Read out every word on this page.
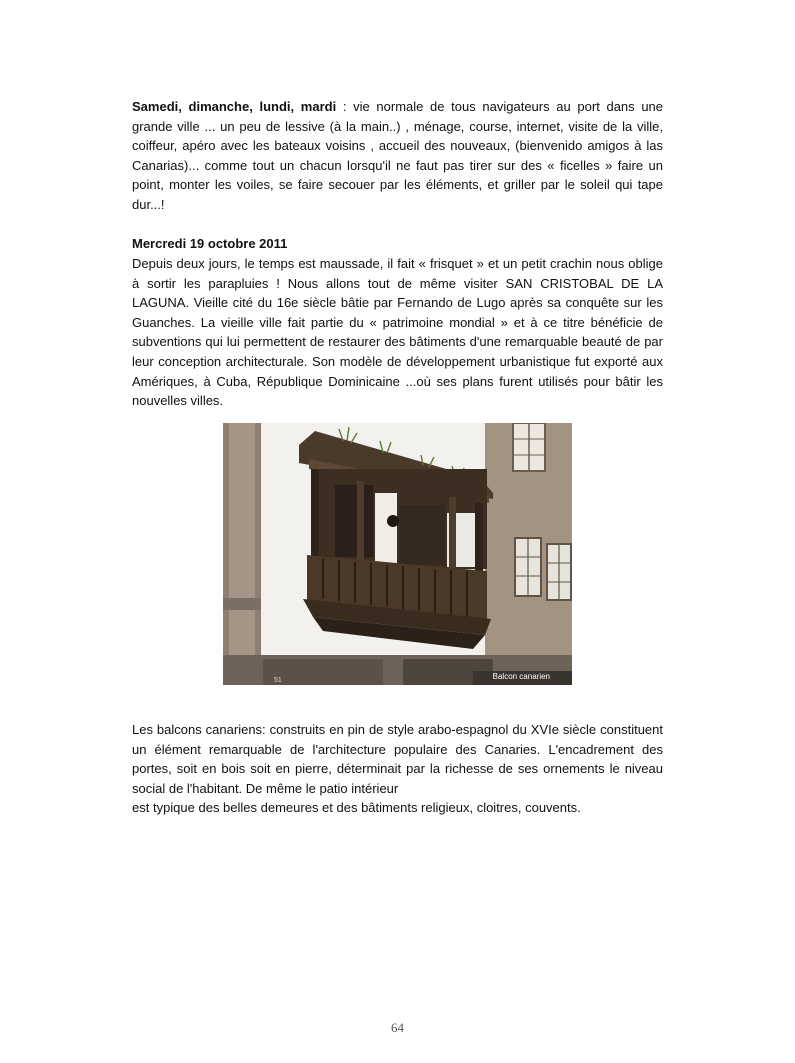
Samedi, dimanche, lundi, mardi : vie normale de tous navigateurs au port dans une grande ville ... un peu de lessive (à la main..) , ménage, course, internet, visite de la ville, coiffeur, apéro avec les bateaux voisins , accueil des nouveaux, (bienvenido amigos à las Canarias)... comme tout un chacun lorsqu'il ne faut pas tirer sur des « ficelles » faire un point, monter les voiles, se faire secouer par les éléments, et griller par le soleil qui tape dur...!

Mercredi 19 octobre 2011

Depuis deux jours, le temps est maussade, il fait « frisquet » et un petit crachin nous oblige à sortir les parapluies ! Nous allons tout de même visiter SAN CRISTOBAL DE LA LAGUNA. Vieille cité du 16e siècle bâtie par Fernando de Lugo après sa conquête sur les Guanches. La vieille ville fait partie du « patrimoine mondial » et à ce titre bénéficie de subventions qui lui permettent de restaurer des bâtiments d'une remarquable beauté de par leur conception architecturale. Son modèle de développement urbanistique fut exporté aux Amériques, à Cuba, République Dominicaine ...où ses plans furent utilisés pour bâtir les nouvelles villes.

51	Balcon canarien

Les balcons canariens: construits en pin de style arabo-espagnol du XVIe siècle constituent un élément remarquable de l'architecture populaire des Canaries. L'encadrement des portes, soit en bois soit en pierre, déterminait par la richesse de ses ornements le niveau social de l'habitant. De même le patio intérieur

est typique des belles demeures et des bâtiments religieux, cloitres, couvents.
64
